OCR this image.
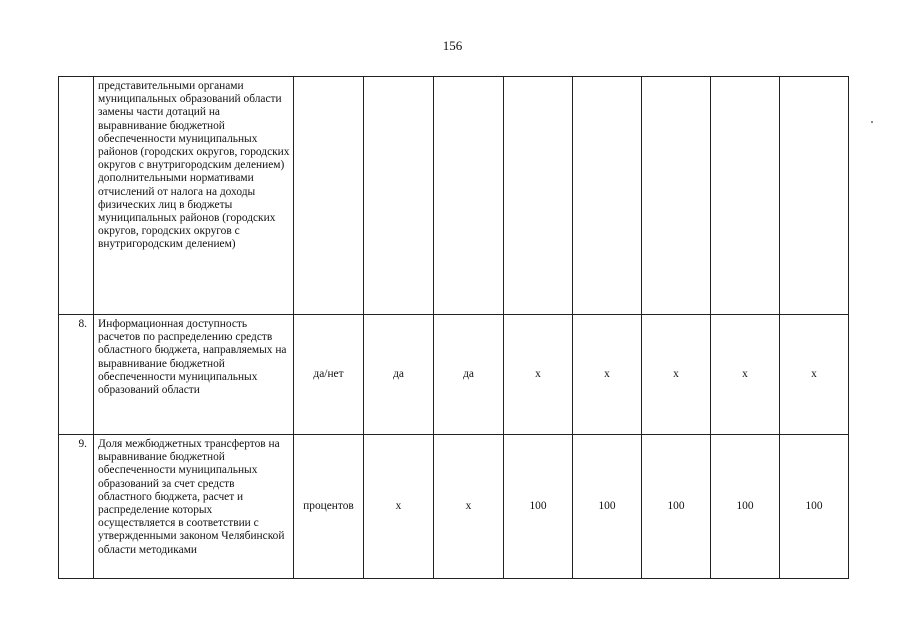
156
	представительными органами муниципальных образований области замены части дотаций на выравнивание бюджетной обеспеченности муниципальных районов (городских округов, городских округов с внутригородским делением) дополнительными нормативами отчислений от налога на доходы физических лиц в бюджеты муниципальных районов (городских округов, городских округов с внутригородским делением)								
8.	Информационная доступность расчетов по распределению средств областного бюджета, направляемых на выравнивание бюджетной обеспеченности муниципальных образований области	да/нет	да	да	х	х	х	х	х
9.	Доля межбюджетных трансфертов на выравнивание бюджетной обеспеченности муниципальных образований за счет средств областного бюджета, расчет и распределение которых осуществляется в соответствии с утвержденными законом Челябинской области методиками	процентов	х	х	100	100	100	100	100
